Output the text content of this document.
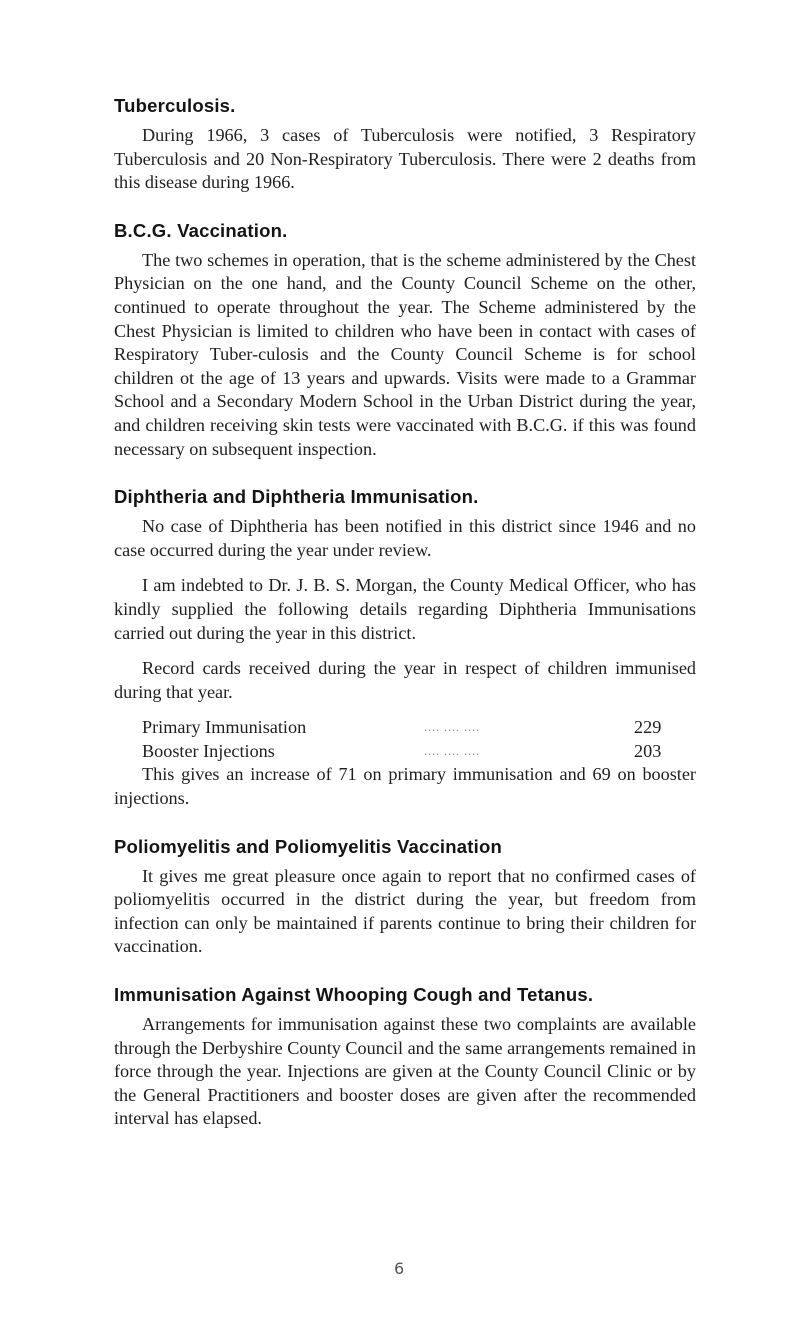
Tuberculosis.

During 1966, 3 cases of Tuberculosis were notified, 3 Respiratory Tuberculosis and 20 Non-Respiratory Tuberculosis. There were 2 deaths from this disease during 1966.

B.C.G. Vaccination.

The two schemes in operation, that is the scheme administered by the Chest Physician on the one hand, and the County Council Scheme on the other, continued to operate throughout the year. The Scheme administered by the Chest Physician is limited to children who have been in contact with cases of Respiratory Tuber-culosis and the County Council Scheme is for school children ot the age of 13 years and upwards. Visits were made to a Grammar School and a Secondary Modern School in the Urban District during the year, and children receiving skin tests were vaccinated with B.C.G. if this was found necessary on subsequent inspection.

Diphtheria and Diphtheria Immunisation.

No case of Diphtheria has been notified in this district since 1946 and no case occurred during the year under review.

I am indebted to Dr. J. B. S. Morgan, the County Medical Officer, who has kindly supplied the following details regarding Diphtheria Immunisations carried out during the year in this district.

Record cards received during the year in respect of children immunised during that year.

Primary Immunisation	.... .... ....	229
Booster Injections	.... .... ....	203

This gives an increase of 71 on primary immunisation and 69 on booster injections.

Poliomyelitis and Poliomyelitis Vaccination

It gives me great pleasure once again to report that no confirmed cases of poliomyelitis occurred in the district during the year, but freedom from infection can only be maintained if parents continue to bring their children for vaccination.

Immunisation Against Whooping Cough and Tetanus.

Arrangements for immunisation against these two complaints are available through the Derbyshire County Council and the same arrangements remained in force through the year. Injections are given at the County Council Clinic or by the General Practitioners and booster doses are given after the recommended interval has elapsed.

6
